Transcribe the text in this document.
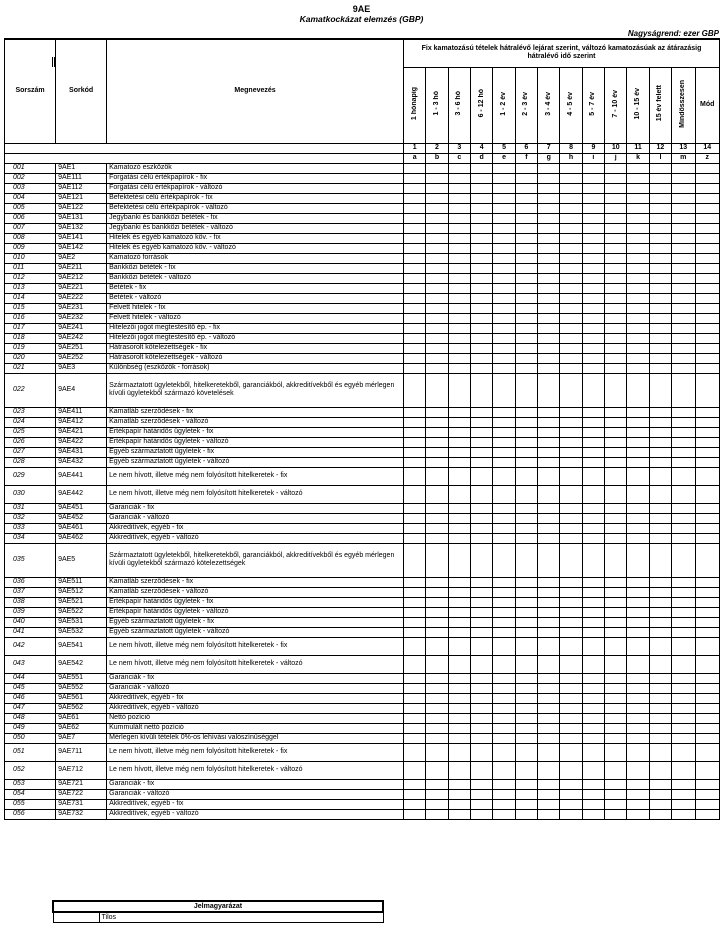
9AE
Kamatkockázat elemzés (GBP)
Nagyságrend: ezer GBP
Sorszám	Sorkód	Megnevezés	Fix kamatozású tételek hátralévő lejárat szerint, változó kamatozásúak az átárazásig hátralévő idő szerint													
			1 hónapig	1 - 3 hó	3 - 6 hó	6 - 12 hó	1 - 2 év	2 - 3 év	3 - 4 év	4 - 5 év	5 - 7 év	7 - 10 év	10 - 15 év	15 év felett	Mindösszesen	Mód
			1	2	3	4	5	6	7	8	9	10	11	12	13	14
			a	b	c	d	e	f	g	h	i	j	k	l	m	z
001	9AE1	Kamatozó eszközök														
002	9AE111	Forgatási célú értékpapírok - fix														
003	9AE112	Forgatási célú értékpapírok - változó														
004	9AE121	Befektetési célú értékpapírok - fix														
005	9AE122	Befektetési célú értékpapírok - változó														
006	9AE131	Jegybanki és bankközi betétek - fix														
007	9AE132	Jegybanki és bankközi betétek - változó														
008	9AE141	Hitelek és egyéb kamatozó köv. - fix														
009	9AE142	Hitelek és egyéb kamatozó köv. - változó														
010	9AE2	Kamatozó források														
011	9AE211	Bankközi betétek - fix														
012	9AE212	Bankközi betétek - változó														
013	9AE221	Betétek - fix														
014	9AE222	Betétek - változó														
015	9AE231	Felvett hitelek - fix														
016	9AE232	Felvett hitelek - változó														
017	9AE241	Hitelezői jogot megtestesítő ép. - fix														
018	9AE242	Hitelezői jogot megtestesítő ép. - változó														
019	9AE251	Hátrasorolt kötelezettségek - fix														
020	9AE252	Hátrasorolt kötelezettségek - változó														
021	9AE3	Különbség (eszközök - források)														
022	9AE4	Származtatott ügyletekből, hitelkeretekből, garanciákból, akkreditívekből és egyéb mérlegen kívüli ügyletekből származó követelések														
023	9AE411	Kamatláb szerződések - fix														
024	9AE412	Kamatláb szerződések - változó														
025	9AE421	Értékpapír határidős ügyletek - fix														
026	9AE422	Értékpapír határidős ügyletek - változó														
027	9AE431	Egyéb származtatott ügyletek - fix														
028	9AE432	Egyéb származtatott ügyletek - változó														
029	9AE441	Le nem hívott, illetve még nem folyósított hitelkeretek - fix														
030	9AE442	Le nem hívott, illetve még nem folyósított hitelkeretek - változó														
031	9AE451	Garanciák - fix														
032	9AE452	Garanciák - változó														
033	9AE461	Akkreditívek, egyéb - fix														
034	9AE462	Akkreditívek, egyéb - változó														
035	9AE5	Származtatott ügyletekből, hitelkeretekből, garanciákból, akkreditívekből és egyéb mérlegen kívüli ügyletekből származó kötelezettségek														
036	9AE511	Kamatláb szerződések - fix														
037	9AE512	Kamatláb szerződések - változó														
038	9AE521	Értékpapír határidős ügyletek - fix														
039	9AE522	Értékpapír határidős ügyletek - változó														
040	9AE531	Egyéb származtatott ügyletek - fix														
041	9AE532	Egyéb származtatott ügyletek - változó														
042	9AE541	Le nem hívott, illetve még nem folyósított hitelkeretek - fix														
043	9AE542	Le nem hívott, illetve még nem folyósított hitelkeretek - változó														
044	9AE551	Garanciák - fix														
045	9AE552	Garanciák - változó														
046	9AE561	Akkreditívek, egyéb - fix														
047	9AE562	Akkreditívek, egyéb - változó														
048	9AE61	Nettó pozíció														
049	9AE62	Kummulált nettó pozíció														
050	9AE7	Mérlegen kívüli tételek 0%-os lehívási valószínűséggel														
051	9AE711	Le nem hívott, illetve még nem folyósított hitelkeretek - fix														
052	9AE712	Le nem hívott, illetve még nem folyósított hitelkeretek - változó														
053	9AE721	Garanciák - fix														
054	9AE722	Garanciák - változó														
055	9AE731	Akkreditívek, egyéb - fix														
056	9AE732	Akkreditívek, egyéb - változó														
Jelmagyarázat
	Tilos
